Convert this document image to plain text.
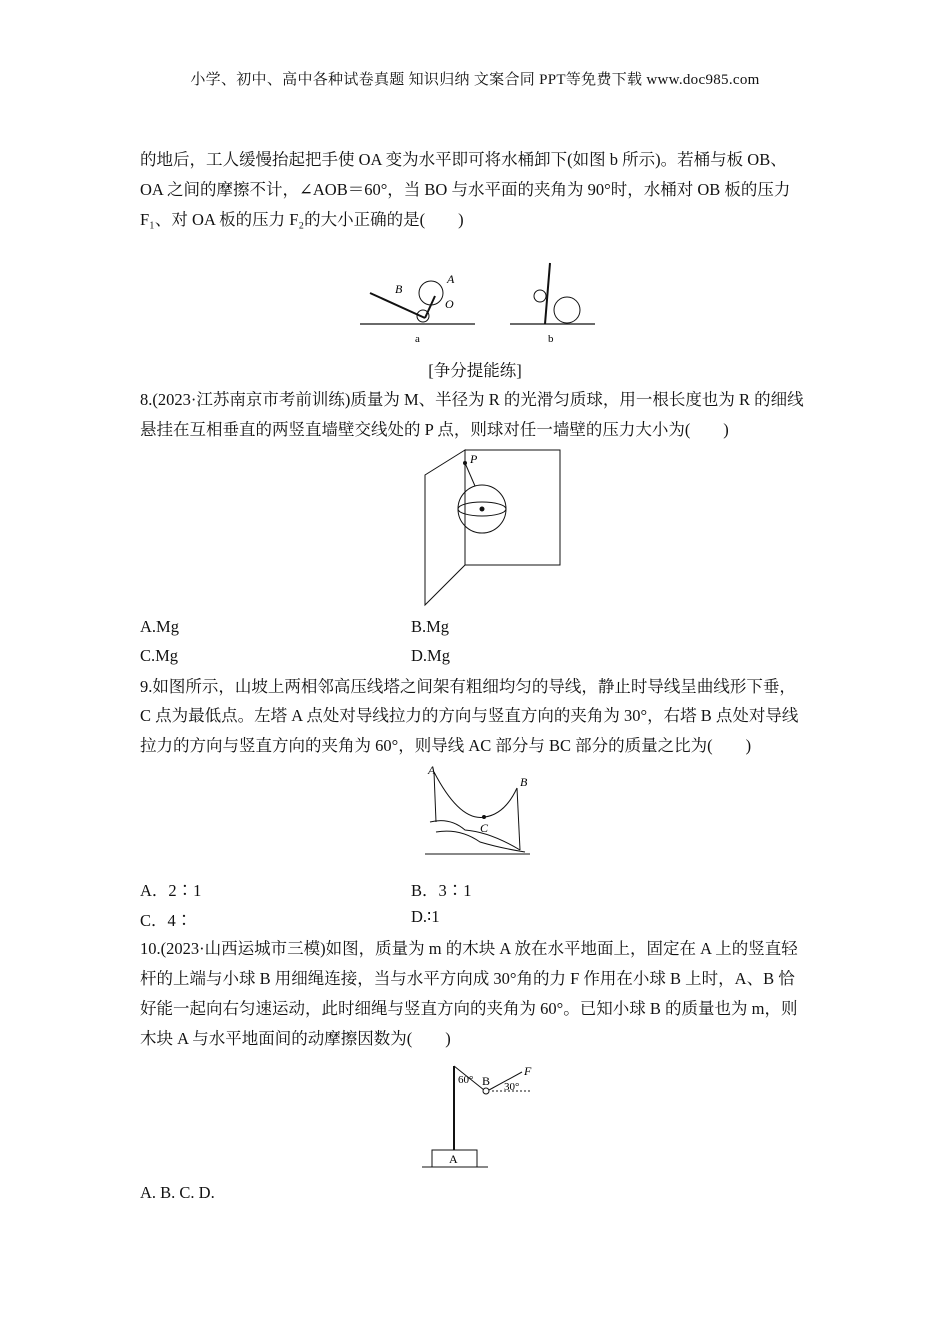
小学、初中、高中各种试卷真题 知识归纳 文案合同 PPT等免费下载 www.doc985.com
的地后，工人缓慢抬起把手使 OA 变为水平即可将水桶卸下(如图 b 所示)。若桶与板 OB、
OA 之间的摩擦不计，∠AOB＝60°，当 BO 与水平面的夹角为 90°时，水桶对 OB 板的压力
F₁、对 OA 板的压力 F₂的大小正确的是(　　)
B
A
O
a	b
[争分提能练]
8.(2023·江苏南京市考前训练)质量为 M、半径为 R 的光滑匀质球，用一根长度也为 R 的细线
悬挂在互相垂直的两竖直墙壁交线处的 P 点，则球对任一墙壁的压力大小为(　　)
P
A.Mg	B.Mg
C.Mg	D.Mg
9.如图所示，山坡上两相邻高压线塔之间架有粗细均匀的导线，静止时导线呈曲线形下垂，
C 点为最低点。左塔 A 点处对导线拉力的方向与竖直方向的夹角为 30°，右塔 B 点处对导线
拉力的方向与竖直方向的夹角为 60°，则导线 AC 部分与 BC 部分的质量之比为(　　)
A
B
C
A．2∶1	B．3∶1
C．4∶	D.∶1
10.(2023·山西运城市三模)如图，质量为 m 的木块 A 放在水平地面上，固定在 A 上的竖直轻
杆的上端与小球 B 用细绳连接，当与水平方向成 30°角的力 F 作用在小球 B 上时，A、B 恰
好能一起向右匀速运动，此时细绳与竖直方向的夹角为 60°。已知小球 B 的质量也为 m，则
木块 A 与水平地面间的动摩擦因数为(　　)
60° B 30°
F
A
A. B. C. D.
